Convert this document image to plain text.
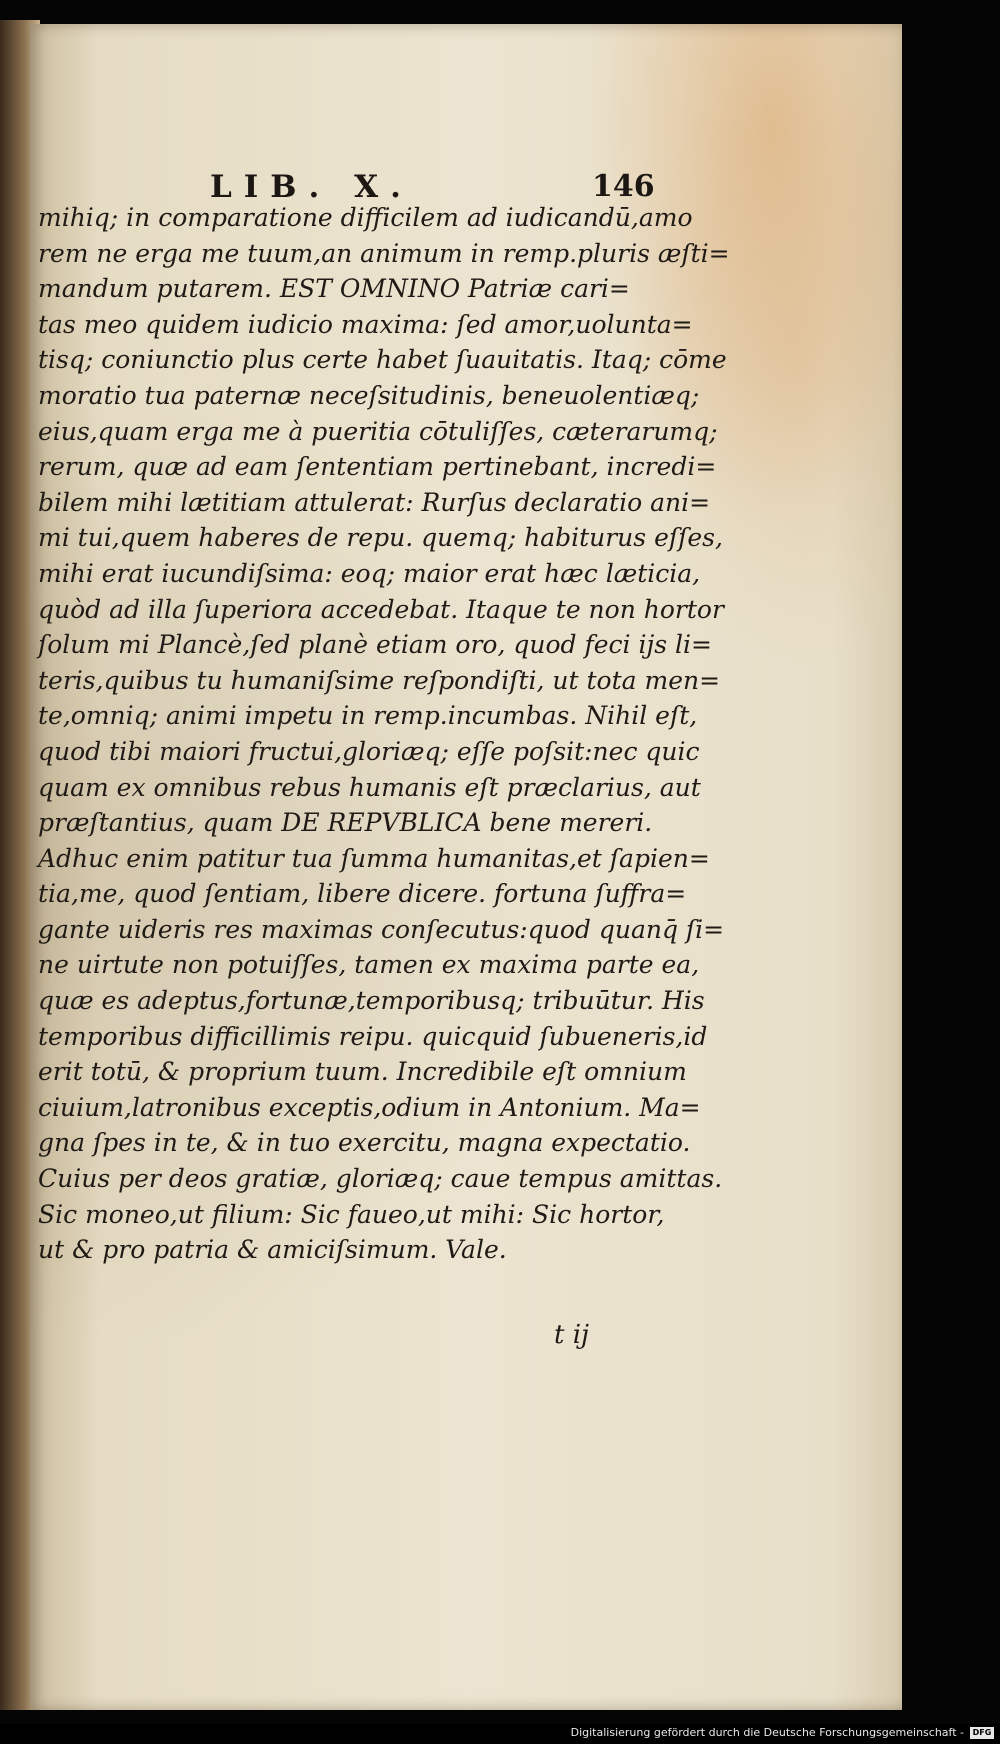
LIB. X.	146
mihiq; in comparatione difficilem ad iudicandū,amo
rem ne erga me tuum,an animum in remp.pluris æſti=
mandum putarem. EST OMNINO Patriæ cari=
tas meo quidem iudicio maxima: ſed amor,uolunta=
tisq; coniunctio plus certe habet ſuauitatis. Itaq; cōme
moratio tua paternæ neceſsitudinis, beneuolentiæq;
eius,quam erga me à pueritia cōtuliſſes, cæterarumq;
rerum, quæ ad eam ſententiam pertinebant, incredi=
bilem mihi lætitiam attulerat: Rurſus declaratio ani=
mi tui,quem haberes de repu. quemq; habiturus eſſes,
mihi erat iucundiſsima: eoq; maior erat hæc læticia,
quòd ad illa ſuperiora accedebat. Itaque te non hortor
ſolum mi Plancè,ſed planè etiam oro, quod feci ijs li=
teris,quibus tu humaniſsime reſpondiſti, ut tota men=
te,omniq; animi impetu in remp.incumbas. Nihil eſt,
quod tibi maiori fructui,gloriæq; eſſe poſsit:nec quic
quam ex omnibus rebus humanis eſt præclarius, aut
præſtantius, quam DE REPVBLICA bene mereri.
Adhuc enim patitur tua ſumma humanitas,et ſapien=
tia,me, quod ſentiam, libere dicere. fortuna ſuffra=
gante uideris res maximas conſecutus:quod quanq̄ ſi=
ne uirtute non potuiſſes, tamen ex maxima parte ea,
quæ es adeptus,fortunæ,temporibusq; tribuūtur. His
temporibus difficillimis reipu. quicquid ſubueneris,id
erit totū, & proprium tuum. Incredibile eſt omnium
ciuium,latronibus exceptis,odium in Antonium. Ma=
gna ſpes in te, & in tuo exercitu, magna expectatio.
Cuius per deos gratiæ, gloriæq; caue tempus amittas.
Sic moneo,ut filium: Sic faueo,ut mihi: Sic hortor,
ut & pro patria & amiciſsimum. Vale.
t ij
Digitalisierung gefördert durch die Deutsche Forschungsgemeinschaft -	DFG
